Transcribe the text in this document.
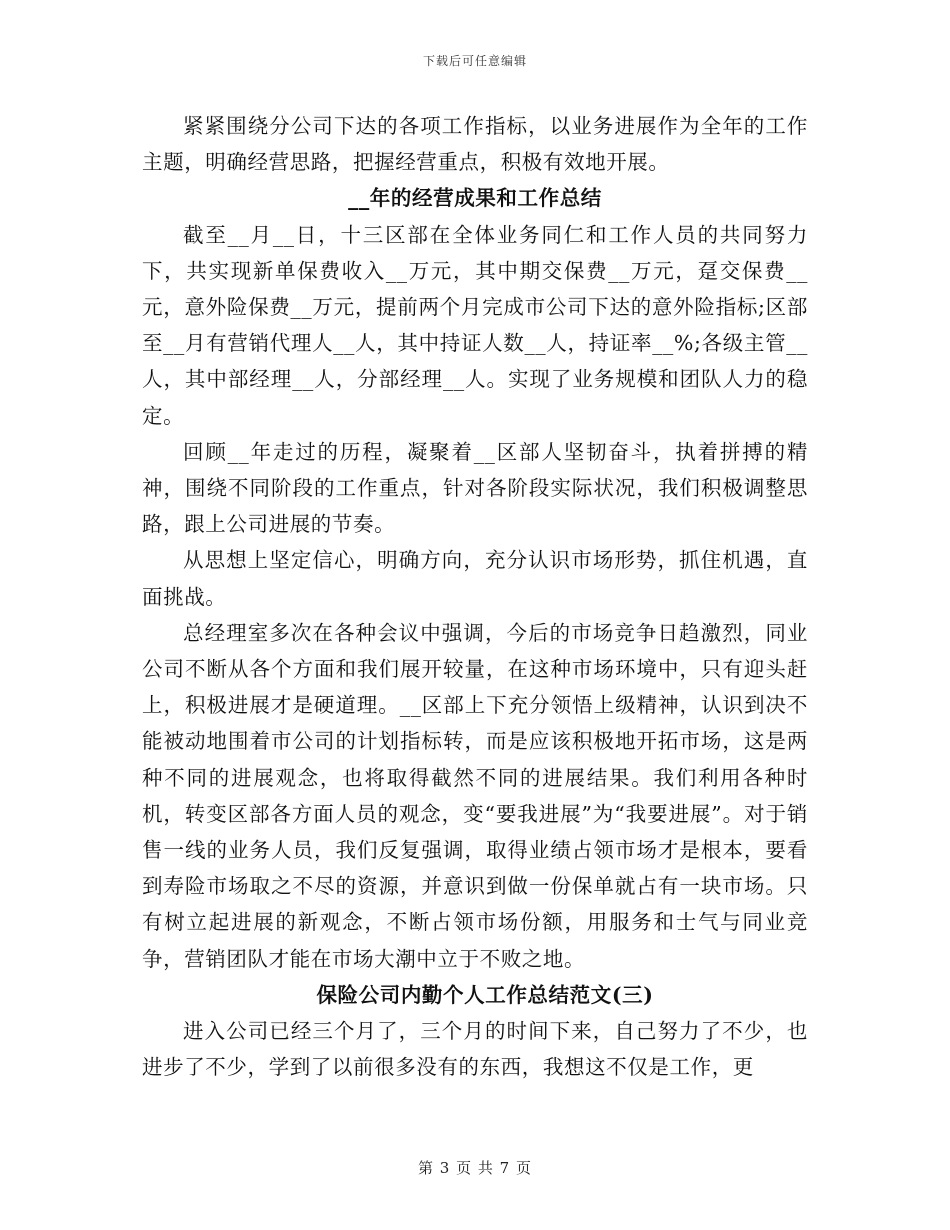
下载后可任意编辑

紧紧围绕分公司下达的各项工作指标，以业务进展作为全年的工作主题，明确经营思路，把握经营重点，积极有效地开展。

__年的经营成果和工作总结

截至__月__日，十三区部在全体业务同仁和工作人员的共同努力下，共实现新单保费收入__万元，其中期交保费__万元，趸交保费__元，意外险保费__万元，提前两个月完成市公司下达的意外险指标;区部至__月有营销代理人__人，其中持证人数__人，持证率__%;各级主管__人，其中部经理__人，分部经理__人。实现了业务规模和团队人力的稳定。

回顾__年走过的历程，凝聚着__区部人坚韧奋斗，执着拼搏的精神，围绕不同阶段的工作重点，针对各阶段实际状况，我们积极调整思路，跟上公司进展的节奏。

从思想上坚定信心，明确方向，充分认识市场形势，抓住机遇，直面挑战。

总经理室多次在各种会议中强调，今后的市场竞争日趋激烈，同业公司不断从各个方面和我们展开较量，在这种市场环境中，只有迎头赶上，积极进展才是硬道理。__区部上下充分领悟上级精神，认识到决不能被动地围着市公司的计划指标转，而是应该积极地开拓市场，这是两种不同的进展观念，也将取得截然不同的进展结果。我们利用各种时机，转变区部各方面人员的观念，变“要我进展”为“我要进展”。对于销售一线的业务人员，我们反复强调，取得业绩占领市场才是根本，要看到寿险市场取之不尽的资源，并意识到做一份保单就占有一块市场。只有树立起进展的新观念，不断占领市场份额，用服务和士气与同业竞争，营销团队才能在市场大潮中立于不败之地。

保险公司内勤个人工作总结范文(三)

进入公司已经三个月了，三个月的时间下来，自己努力了不少，也进步了不少，学到了以前很多没有的东西，我想这不仅是工作，更

第 3 页 共 7 页
